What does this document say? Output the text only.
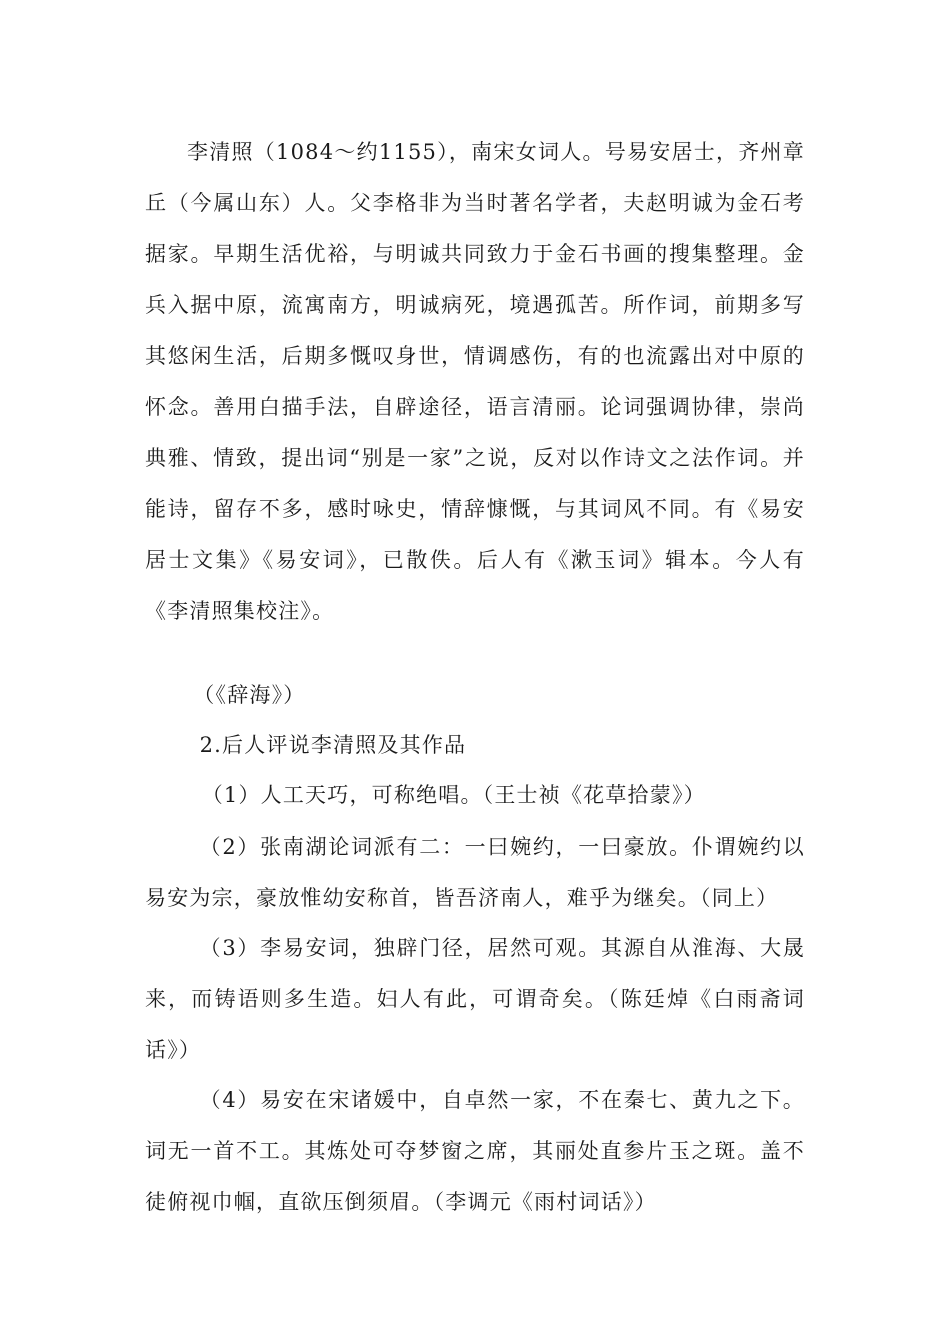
李清照（1084～约1155），南宋女词人。号易安居士，齐州章丘（今属山东）人。父李格非为当时著名学者，夫赵明诚为金石考据家。早期生活优裕，与明诚共同致力于金石书画的搜集整理。金兵入据中原，流寓南方，明诚病死，境遇孤苦。所作词，前期多写其悠闲生活，后期多慨叹身世，情调感伤，有的也流露出对中原的怀念。善用白描手法，自辟途径，语言清丽。论词强调协律，崇尚典雅、情致，提出词“别是一家”之说，反对以作诗文之法作词。并能诗，留存不多，感时咏史，情辞慷慨，与其词风不同。有《易安居士文集》《易安词》，已散佚。后人有《漱玉词》辑本。今人有《李清照集校注》。

（《辞海》）

2.后人评说李清照及其作品

（1）人工天巧，可称绝唱。（王士祯《花草拾蒙》）

（2）张南湖论词派有二：一曰婉约，一曰豪放。仆谓婉约以易安为宗，豪放惟幼安称首，皆吾济南人，难乎为继矣。（同上）

（3）李易安词，独辟门径，居然可观。其源自从淮海、大晟来，而铸语则多生造。妇人有此，可谓奇矣。（陈廷焯《白雨斋词话》）

（4）易安在宋诸媛中，自卓然一家，不在秦七、黄九之下。词无一首不工。其炼处可夺梦窗之席，其丽处直参片玉之斑。盖不徒俯视巾帼，直欲压倒须眉。（李调元《雨村词话》）
